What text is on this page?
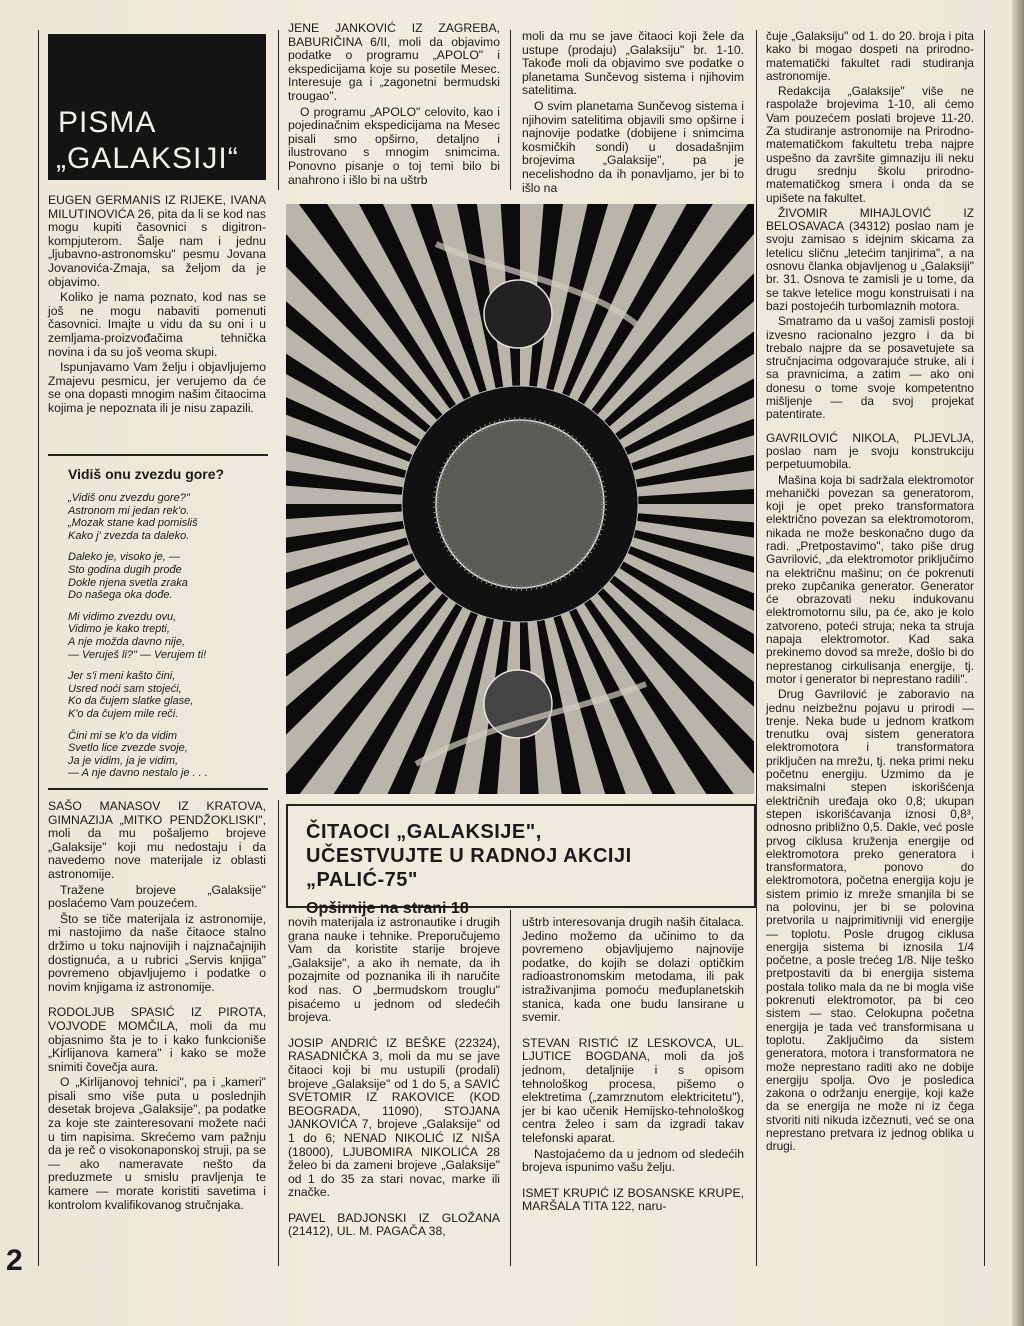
PISMA
„GALAKSIJI“

EUGEN GERMANIS IZ RIJEKE, IVANA MILUTINOVIĆA 26, pita da li se kod nas mogu kupiti časovnici s digitron-kompjuterom. Šalje nam i jednu „ljubavno-astronomsku" pesmu Jovana Jovanovića-Zmaja, sa željom da je objavimo.

Koliko je nama poznato, kod nas se još ne mogu nabaviti pomenuti časovnici. Imajte u vidu da su oni i u zemljama-proizvođačima tehnička novina i da su još veoma skupi.

Ispunjavamo Vam želju i objavljujemo Zmajevu pesmicu, jer verujemo da će se ona dopasti mnogim našim čitaocima kojima je nepoznata ili je nisu zapazili.

Vidiš onu zvezdu gore?
„Vidiš onu zvezdu gore?"
Astronom mi jedan rek'o.
„Mozak stane kad pomisliš
Kako j' zvezda ta daleko.
Daleko je, visoko je, —
Sto godina dugih prođe
Dokle njena svetla zraka
Do našega oka dođe.
Mi vidimo zvezdu ovu,
Vidimo je kako trepti,
A nje možda davno nije,
— Veruješ li?" — Verujem ti!
Jer s'i meni kašto čini,
Usred noći sam stojeći,
Ko da čujem slatke glase,
K'o da čujem mile reči.
Čini mi se k'o da vidim
Svetlo lice zvezde svoje,
Ja je vidim, ja je vidim,
— A nje davno nestalo je . . .

SAŠO MANASOV IZ KRATOVA, GIMNAZIJA „MITKO PENDŽOKLISKI", moli da mu pošaljemo brojeve „Galaksije" koji mu nedostaju i da navedemo nove materijale iz oblasti astronomije.

Tražene brojeve „Galaksije" poslaćemo Vam pouzećem.

Što se tiče materijala iz astronomije, mi nastojimo da naše čitaoce stalno držimo u toku najnovijih i najznačajnijih dostignuća, a u rubrici „Servis knjiga" povremeno objavljujemo i podatke o novim knjigama iz astronomije.

RODOLJUB SPASIĆ IZ PIROTA, VOJVODE MOMČILA, moli da mu objasnimo šta je to i kako funkcioniše „Kirlijanova kamera" i kako se može snimiti čovečja aura.

O „Kirlijanovoj tehnici", pa i „kameri" pisali smo više puta u poslednjih desetak brojeva „Galaksije", pa podatke za koje ste zainteresovani možete naći u tim napisima. Skrećemo vam pažnju da je reč o visokonaponskoj struji, pa se — ako nameravate nešto da preduzmete u smislu pravljenja te kamere — morate koristiti savetima i kontrolom kvalifikovanog stručnjaka.

JENE JANKOVIĆ IZ ZAGREBA, BABURIČINA 6/II, moli da objavimo podatke o programu „APOLO" i ekspedicijama koje su posetile Mesec. Interesuje ga i „zagonetni bermudski trougao".

O programu „APOLO" celovito, kao i pojedinačnim ekspedicijama na Mesec pisali smo opširno, detaljno i ilustrovano s mnogim snimcima. Ponovno pisanje o toj temi bilo bi anahrono i išlo bi na uštrb

moli da mu se jave čitaoci koji žele da ustupe (prodaju) „Galaksiju" br. 1-10. Takođe moli da objavimo sve podatke o planetama Sunčevog sistema i njihovim satelitima.

O svim planetama Sunčevog sistema i njihovim satelitima objavili smo opširne i najnovije podatke (dobijene i snimcima kosmičkih sondi) u dosadašnjim brojevima „Galaksije", pa je necelishodno da ih ponavljamo, jer bi to išlo na

ČITAOCI „GALAKSIJE",
UČESTVUJTE U RADNOJ AKCIJI „PALIĆ-75"
Opširnije na strani 18

novih materijala iz astronautike i drugih grana nauke i tehnike. Preporučujemo Vam da koristite starije brojeve „Galaksije", a ako ih nemate, da ih pozajmite od poznanika ili ih naručite kod nas. O „bermudskom trouglu" pisaćemo u jednom od sledećih brojeva.

JOSIP ANDRIĆ IZ BEŠKE (22324), RASADNIČKA 3, moli da mu se jave čitaoci koji bi mu ustupili (prodali) brojeve „Galaksije" od 1 do 5, a SAVIĆ SVETOMIR IZ RAKOVICE (KOD BEOGRADA, 11090), STOJANA JANKOVIĆA 7, brojeve „Galaksije" od 1 do 6; NENAD NIKOLIĆ IZ NIŠA (18000), LJUBOMIRA NIKOLIĆA 28 želeo bi da zameni brojeve „Galaksije" od 1 do 35 za stari novac, marke ili značke.

PAVEL BADJONSKI IZ GLOŽANA (21412), UL. M. PAGAČA 38,

uštrb interesovanja drugih naših čitalaca. Jedino možemo da učinimo to da povremeno objavljujemo najnovije podatke, do kojih se dolazi optičkim radioastronomskim metodama, ili pak istraživanjima pomoću međuplanetskih stanica, kada one budu lansirane u svemir.

STEVAN RISTIĆ IZ LESKOVCA, UL. LJUTICE BOGDANA, moli da još jednom, detaljnije i s opisom tehnološkog procesa, pišemo o elektretima („zamrznutom elektricitetu"), jer bi kao učenik Hemijsko-tehnološkog centra želeo i sam da izgradi takav telefonski aparat.

Nastojaćemo da u jednom od sledećih brojeva ispunimo vašu želju.

ISMET KRUPIĆ IZ BOSANSKE KRUPE, MARŠALA TITA 122, naru-

čuje „Galaksiju" od 1. do 20. broja i pita kako bi mogao dospeti na prirodno-matematički fakultet radi studiranja astronomije.

Redakcija „Galaksije" više ne raspolaže brojevima 1-10, ali ćemo Vam pouzećem poslati brojeve 11-20. Za studiranje astronomije na Prirodno-matematičkom fakultetu treba najpre uspešno da završite gimnaziju ili neku drugu srednju školu prirodno-matematičkog smera i onda da se upišete na fakultet.

ŽIVOMIR MIHAJLOVIĆ IZ BELOSAVACA (34312) poslao nam je svoju zamisao s idejnim skicama za letelicu sličnu „letećim tanjirima", a na osnovu članka objavljenog u „Galaksiji" br. 31. Osnova te zamisli je u tome, da se takve letelice mogu konstruisati i na bazi postojećih turbomlaznih motora.

Smatramo da u vašoj zamisli postoji izvesno racionalno jezgro i da bi trebalo najpre da se posavetujete sa stručnjacima odgovarajuće struke, ali i sa pravnicima, a zatim — ako oni donesu o tome svoje kompetentno mišljenje — da svoj projekat patentirate.

GAVRILOVIĆ NIKOLA, PLJEVLJA, poslao nam je svoju konstrukciju perpetuumobila.

Mašina koja bi sadržala elektromotor mehanički povezan sa generatorom, koji je opet preko transformatora električno povezan sa elektromotorom, nikada ne može beskonačno dugo da radi. „Pretpostavimo", tako piše drug Gavrilović, „da elektromotor priključimo na električnu mašinu; on će pokrenuti preko zupčanika generator. Generator će obrazovati neku indukovanu elektromotornu silu, pa će, ako je kolo zatvoreno, poteći struja; neka ta struja napaja elektromotor. Kad saka prekinemo dovod sa mreže, došlo bi do neprestanog cirkulisanja energije, tj. motor i generator bi neprestano radili".

Drug Gavrilović je zaboravio na jednu neizbežnu pojavu u prirodi — trenje. Neka bude u jednom kratkom trenutku ovaj sistem generatora elektromotora i transformatora priključen na mrežu, tj. neka primi neku početnu energiju. Uzmimo da je maksimalni stepen iskorišćenja električnih uređaja oko 0,8; ukupan stepen iskorišćavanja iznosi 0,8³, odnosno približno 0,5. Dakle, već posle prvog ciklusa kruženja energije od elektromotora preko generatora i transformatora, ponovo do elektromotora, početna energija koju je sistem primio iz mreže smanjila bi se na polovinu, jer bi se polovina pretvorila u najprimitivniji vid energije — toplotu. Posle drugog ciklusa energija sistema bi iznosila 1/4 početne, a posle trećeg 1/8. Nije teško pretpostaviti da bi energija sistema postala toliko mala da ne bi mogla više pokrenuti elektromotor, pa bi ceo sistem — stao. Celokupna početna energija je tada već transformisana u toplotu. Zaključimo da sistem generatora, motora i transformatora ne može neprestano raditi ako ne dobije energiju spolja. Ovo je posledica zakona o održanju energije, koji kaže da se energija ne može ni iz čega stvoriti niti nikuda izčeznuti, već se ona neprestano pretvara iz jednog oblika u drugi.

2
